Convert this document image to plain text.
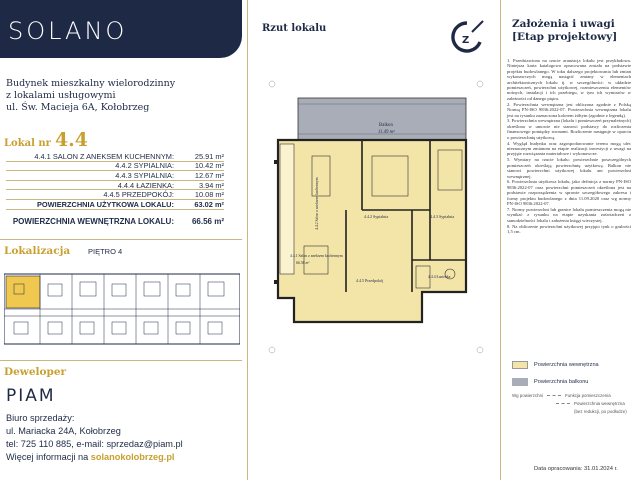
SOLANO
Budynek mieszkalny wielorodzinny
z lokalami usługowymi
ul. Św. Macieja 6A, Kołobrzeg
Lokal nr 4.4
4.4.1 SALON Z ANEKSEM KUCHENNYM:	25.91 m²
4.4.2 SYPIALNIA:	10.42 m²
4.4.3 SYPIALNIA:	12.67 m²
4.4.4 ŁAZIENKA:	3.94 m²
4.4.5 PRZEDPOKÓJ:	10.08 m²
POWIERZCHNIA UŻYTKOWA LOKALU:	63.02 m²
POWIERZCHNIA WEWNĘTRZNA LOKALU:	66.56 m²
Lokalizacja PIĘTRO 4
Deweloper
PIAM
Biuro sprzedaży:
ul. Mariacka 24A, Kołobrzeg
tel: 725 110 885, e-mail: sprzedaz@piam.pl
Więcej informacji na solanokolobrzeg.pl
Rzut lokalu
Z
Balkon
11.49 m²
4.4.1 Salon z aneksem kuchennym
66.56 m²
4.4.2 Sypialnia	4.4.3 Sypialnia
4.4.4 Łazienka
4.4.5 Przedpokój
4.4.2 Salon z aneksem kuchennym
Założenia i uwagi
[Etap projektowy]

1. Przedstawiona na rzucie aranżacja lokalu jest przykładowa. Niniejsza karta katalogowa opracowana została na podstawie projektu budowlanego. W toku dalszego projektowania lub zmian wykonawczych mogą nastąpić zmiany w elementach architektonicznych lokalu tj. w szczególności: w układzie pomieszczeń, powierzchni użytkowej, rozmieszczeniu elementów nośnych, instalacji i ich przebiegu, w tym ich wymiarów w zależności od danego piętra.

2. Powierzchnia wewnętrzna jest obliczona zgodnie z Polską Normą PN-ISO 9836:2022-07. Powierzchnia wewnętrzna lokalu jest na rysunku zaznaczona kolorem żółtym (zgodnie z legendą).

3. Powierzchnia wewnętrzna (lokalu i pomieszczeń przynależnych) określona w umowie nie stanowi podstawy do rozliczenia finansowego pomiędzy stronami. Rozliczenie następuje w oparciu o powierzchnię użytkową.

4. Wygląd budynku oraz zagospodarowanie terenu mogą ulec nieznacznym zmianom na etapie realizacji inwestycji z uwagi na przyjęte rozwiązania materiałowe i wykonawcze.

5. Wymiary na rzucie lokalu: powierzchnie poszczególnych pomieszczeń określają powierzchnię użytkową. Balkon nie stanowi powierzchni użytkowej lokalu ani powierzchni wewnętrznej.

6. Powierzchnia użytkowa lokalu, jako definicja z normy PN-ISO 9836:2022-07 oraz powierzchni pomieszczeń określona jest na podstawie rozporządzenia w sprawie szczegółowego zakresu i formy projektu budowlanego z dnia 11.09.2020 oraz wg normy PN-ISO 9836:2022-07.

7. Normy powierzchni lub granice lokalu pomieszczenia mogą nie wynikać z rysunku na etapie uzyskania zaświadczeń o samodzielności lokalu i założenia księgi wieczystej.

8. Na obliczenie powierzchni użytkowej przyjęto tynk o grubości 1,5 cm.

Powierzchnia wewnętrzna
Powierzchnia balkonu
Wg powierzchni	Funkcja pomieszczenia
Powierzchnia wewnętrzna
(bez redukcji, po podłodze)
Data opracowania: 31.01.2024 r.
